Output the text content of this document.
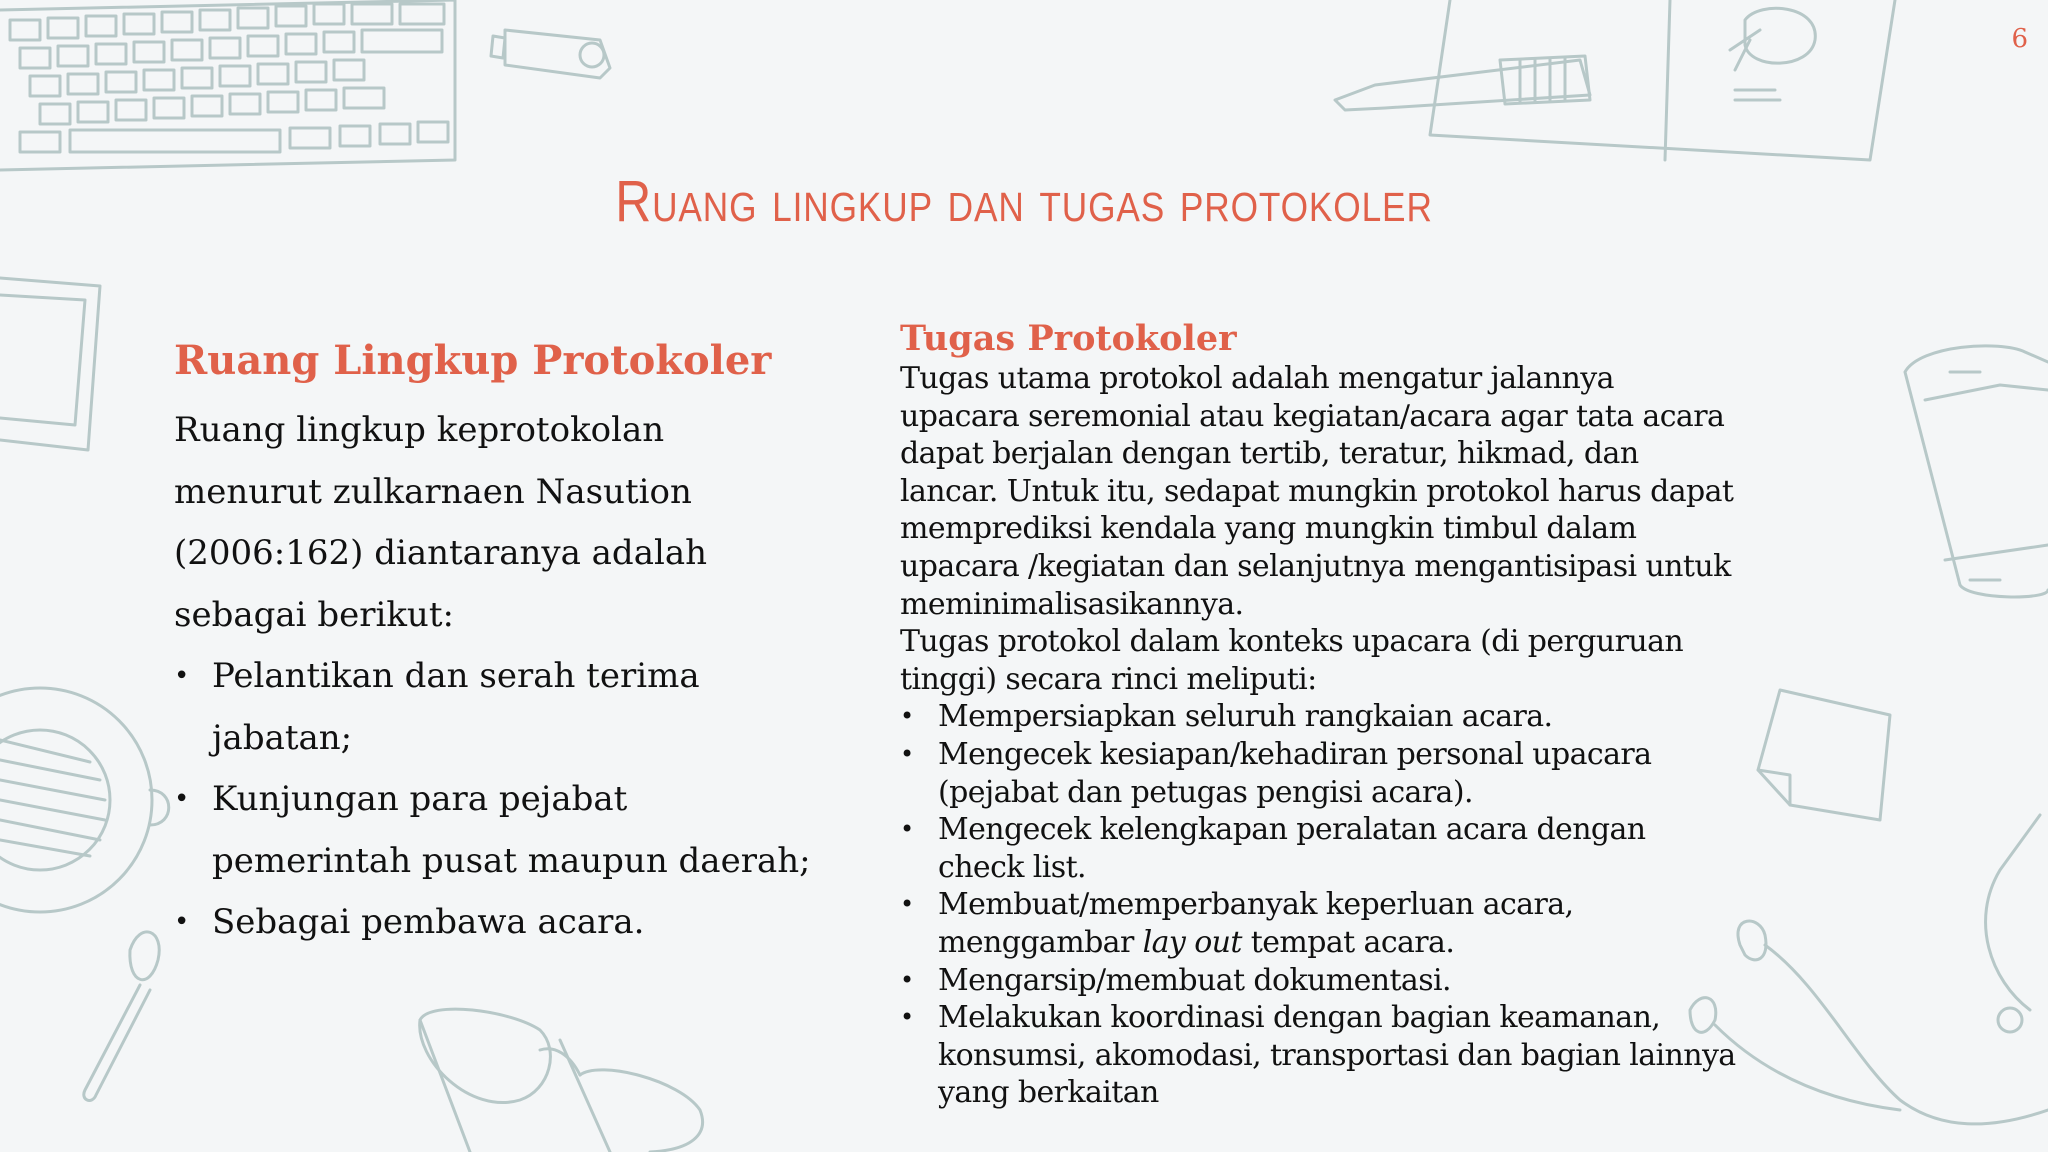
6
Ruang lingkup dan tugas protokoler
Ruang Lingkup Protokoler

Ruang lingkup keprotokolan menurut zulkarnaen Nasution (2006:162) diantaranya adalah sebagai berikut:

• Pelantikan dan serah terima jabatan;
• Kunjungan para pejabat pemerintah pusat maupun daerah;
• Sebagai pembawa acara.
Tugas Protokoler

Tugas utama protokol adalah mengatur jalannya upacara seremonial atau kegiatan/acara agar tata acara dapat berjalan dengan tertib, teratur, hikmad, dan lancar. Untuk itu, sedapat mungkin protokol harus dapat memprediksi kendala yang mungkin timbul dalam upacara /kegiatan dan selanjutnya mengantisipasi untuk meminimalisasikannya.

Tugas protokol dalam konteks upacara (di perguruan tinggi) secara rinci meliputi:

• Mempersiapkan seluruh rangkaian acara.
• Mengecek kesiapan/kehadiran personal upacara (pejabat dan petugas pengisi acara).
• Mengecek kelengkapan peralatan acara dengan check list.
• Membuat/memperbanyak keperluan acara, menggambar lay out tempat acara.
• Mengarsip/membuat dokumentasi.
• Melakukan koordinasi dengan bagian keamanan, konsumsi, akomodasi, transportasi dan bagian lainnya yang berkaitan
